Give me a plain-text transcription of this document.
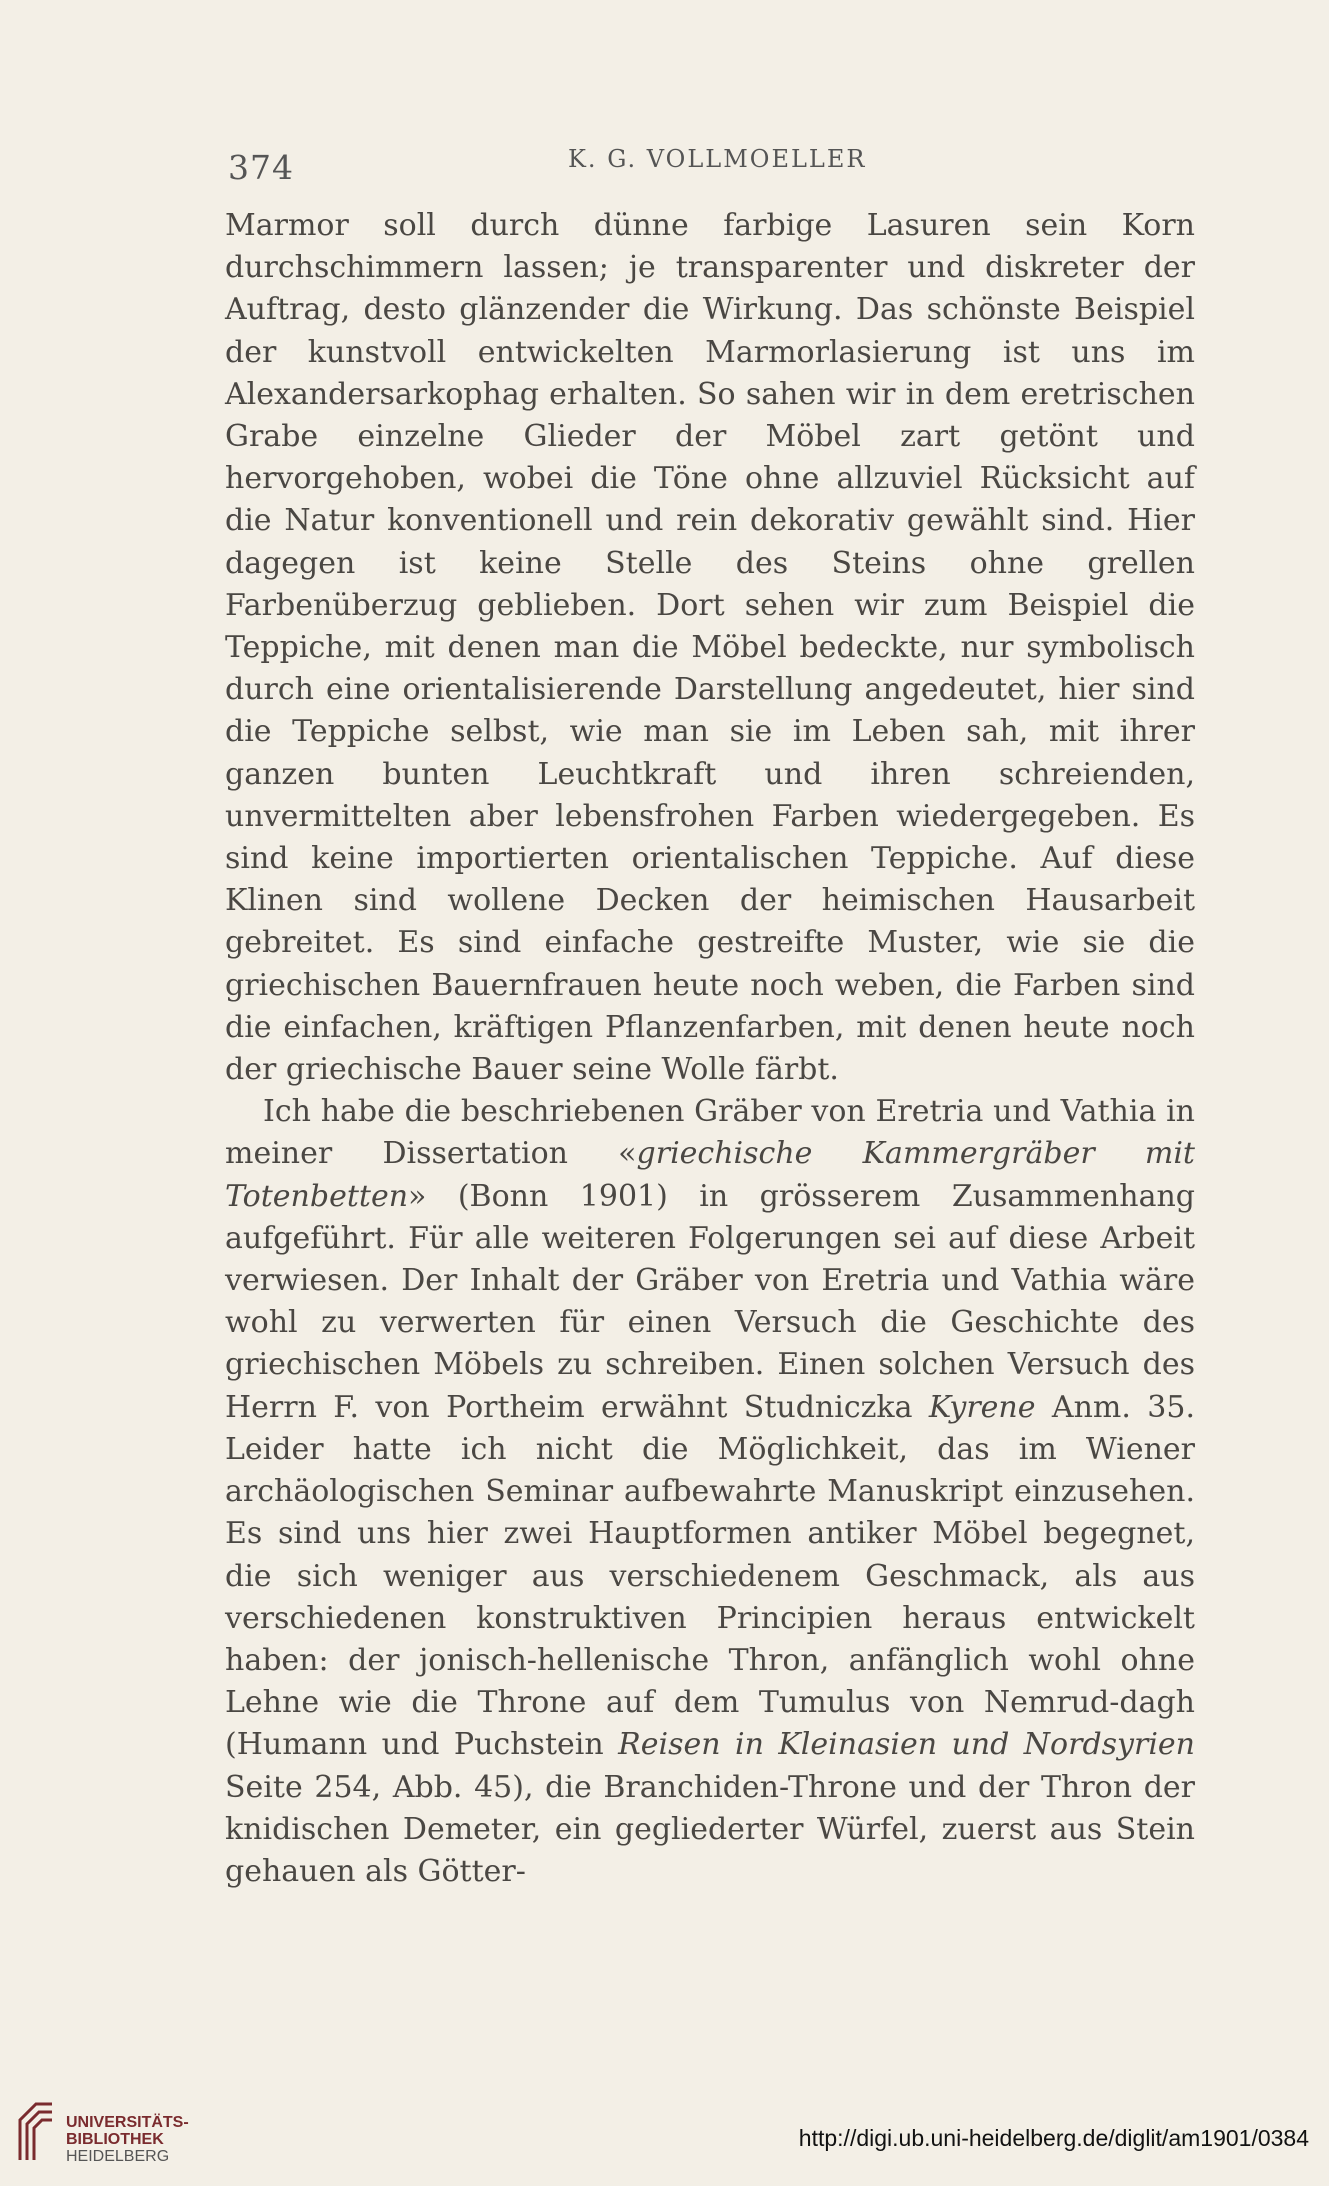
374	K. G. VOLLMOELLER

Marmor soll durch dünne farbige Lasuren sein Korn durchschimmern lassen; je transparenter und diskreter der Auftrag, desto glänzender die Wirkung. Das schönste Beispiel der kunstvoll entwickelten Marmorlasierung ist uns im Alexandersarkophag erhalten. So sahen wir in dem eretrischen Grabe einzelne Glieder der Möbel zart getönt und hervorgehoben, wobei die Töne ohne allzuviel Rücksicht auf die Natur konventionell und rein dekorativ gewählt sind. Hier dagegen ist keine Stelle des Steins ohne grellen Farbenüberzug geblieben. Dort sehen wir zum Beispiel die Teppiche, mit denen man die Möbel bedeckte, nur symbolisch durch eine orientalisierende Darstellung angedeutet, hier sind die Teppiche selbst, wie man sie im Leben sah, mit ihrer ganzen bunten Leuchtkraft und ihren schreienden, unvermittelten aber lebensfrohen Farben wiedergegeben. Es sind keine importierten orientalischen Teppiche. Auf diese Klinen sind wollene Decken der heimischen Hausarbeit gebreitet. Es sind einfache gestreifte Muster, wie sie die griechischen Bauernfrauen heute noch weben, die Farben sind die einfachen, kräftigen Pflanzenfarben, mit denen heute noch der griechische Bauer seine Wolle färbt.

Ich habe die beschriebenen Gräber von Eretria und Vathia in meiner Dissertation «griechische Kammergräber mit Totenbetten» (Bonn 1901) in grösserem Zusammenhang aufgeführt. Für alle weiteren Folgerungen sei auf diese Arbeit verwiesen. Der Inhalt der Gräber von Eretria und Vathia wäre wohl zu verwerten für einen Versuch die Geschichte des griechischen Möbels zu schreiben. Einen solchen Versuch des Herrn F. von Portheim erwähnt Studniczka Kyrene Anm. 35. Leider hatte ich nicht die Möglichkeit, das im Wiener archäologischen Seminar aufbewahrte Manuskript einzusehen. Es sind uns hier zwei Hauptformen antiker Möbel begegnet, die sich weniger aus verschiedenem Geschmack, als aus verschiedenen konstruktiven Principien heraus entwickelt haben: der jonisch-hellenische Thron, anfänglich wohl ohne Lehne wie die Throne auf dem Tumulus von Nemrud-dagh (Humann und Puchstein Reisen in Kleinasien und Nordsyrien Seite 254, Abb. 45), die Branchiden-Throne und der Thron der knidischen Demeter, ein gegliederter Würfel, zuerst aus Stein gehauen als Götter-

UNIVERSITÄTS-
BIBLIOTHEK
HEIDELBERG
http://digi.ub.uni-heidelberg.de/diglit/am1901/0384
